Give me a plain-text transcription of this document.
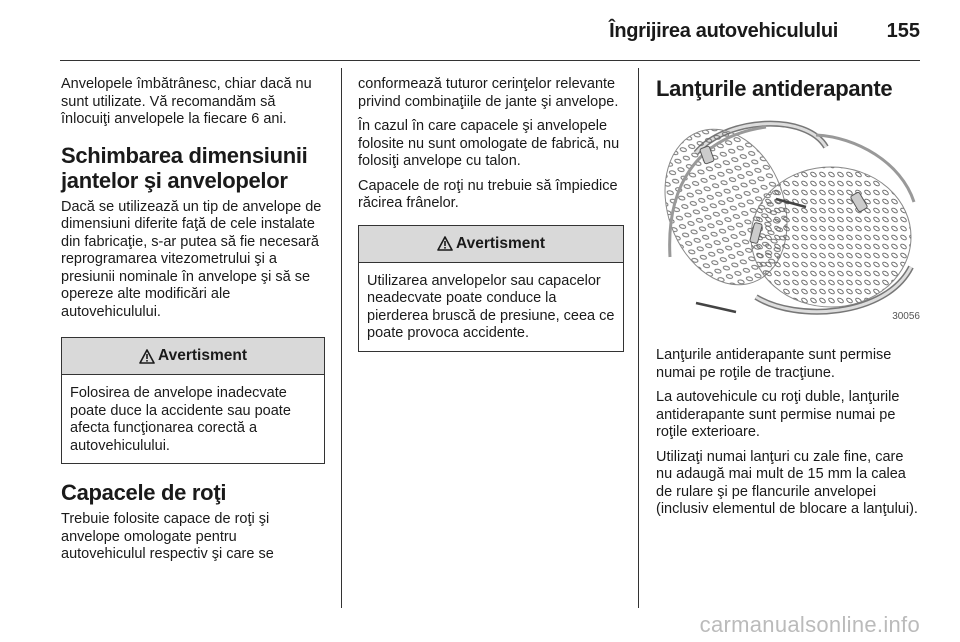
Îngrijirea autovehiculului 155

Anvelopele îmbătrânesc, chiar dacă nu sunt utilizate. Vă recomandăm să înlocuiţi anvelopele la fiecare 6 ani.

Schimbarea dimensiunii jantelor şi anvelopelor

Dacă se utilizează un tip de anvelope de dimensiuni diferite faţă de cele instalate din fabricaţie, s-ar putea să fie necesară reprogramarea vitezometrului şi a presiunii nominale în anvelope şi să se opereze alte modificări ale autovehiculului.

Avertisment
Folosirea de anvelope inadecvate poate duce la accidente sau poate afecta funcţionarea corectă a autovehiculului.
Capacele de roţi

Trebuie folosite capace de roţi şi anvelope omologate pentru autovehiculul respectiv şi care se

conformează tuturor cerinţelor relevante privind combinaţiile de jante şi anvelope.

În cazul în care capacele şi anvelopele folosite nu sunt omologate de fabrică, nu folosiţi anvelope cu talon.

Capacele de roţi nu trebuie să împiedice răcirea frânelor.

Avertisment
Utilizarea anvelopelor sau capacelor neadecvate poate conduce la pierderea bruscă de presiune, ceea ce poate provoca accidente.
Lanţurile antiderapante
30056

Lanţurile antiderapante sunt permise numai pe roţile de tracţiune.

La autovehicule cu roţi duble, lanţurile antiderapante sunt permise numai pe roţile exterioare.

Utilizaţi numai lanţuri cu zale fine, care nu adaugă mai mult de 15 mm la calea de rulare şi pe flancurile anvelopei (inclusiv elementul de blocare a lanţului).

carmanualsonline.info
